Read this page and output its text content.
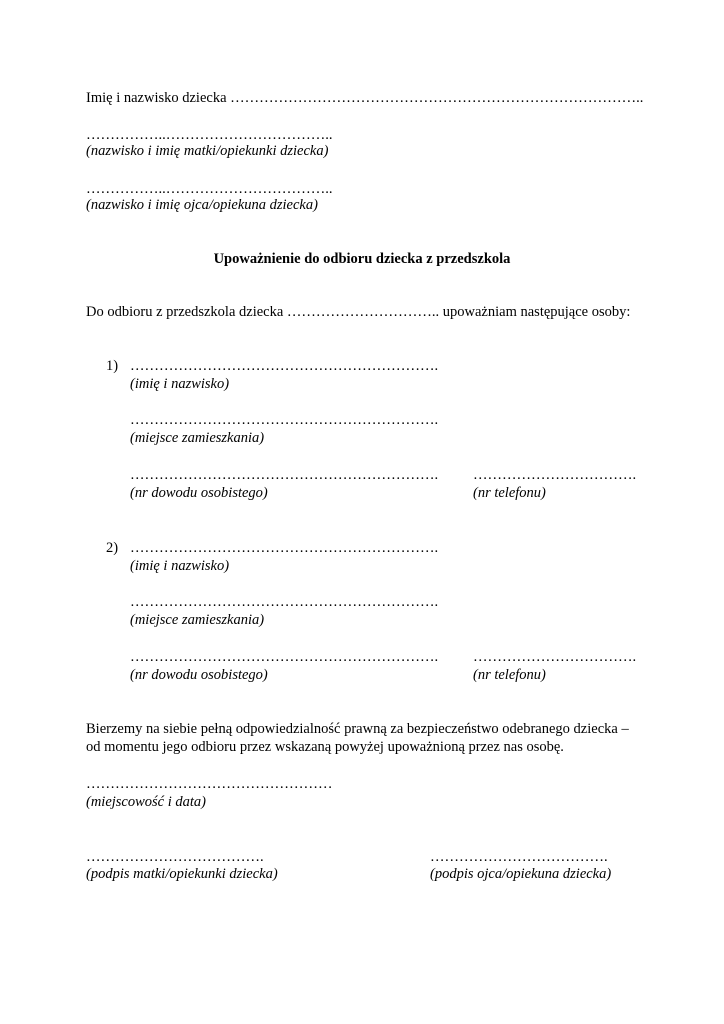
Imię i nazwisko dziecka …………………………………………………………………………..
……………..……………………………..
(nazwisko i imię matki/opiekunki dziecka)
……………..……………………………..
(nazwisko i imię ojca/opiekuna dziecka)
Upoważnienie do odbioru dziecka z przedszkola
Do odbioru z przedszkola dziecka ………………………….. upoważniam następujące osoby:
1) ……………………………………………………….
(imię i nazwisko)
……………………………………………………….
(miejsce zamieszkania)
……………………………………………………….
(nr dowodu osobistego)
…………………………….
(nr telefonu)
2) ……………………………………………………….
(imię i nazwisko)
……………………………………………………….
(miejsce zamieszkania)
……………………………………………………….
(nr dowodu osobistego)
…………………………….
(nr telefonu)
Bierzemy na siebie pełną odpowiedzialność prawną za bezpieczeństwo odebranego dziecka –
od momentu jego odbioru przez wskazaną powyżej upoważnioną przez nas osobę.
……………………………………………
(miejscowość i data)
……………………………….
(podpis matki/opiekunki dziecka)
……………………………….
(podpis ojca/opiekuna dziecka)
